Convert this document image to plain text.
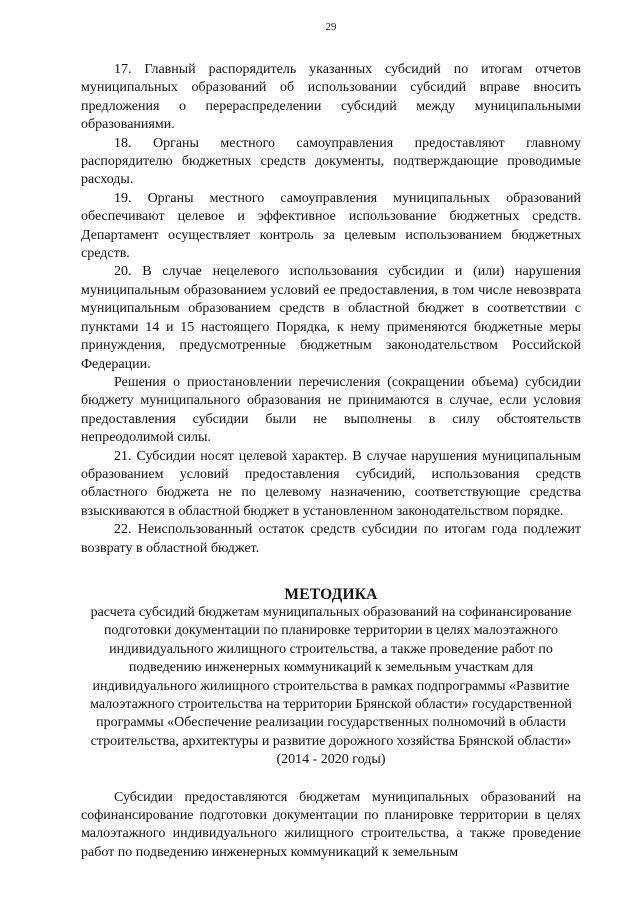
29

17. Главный распорядитель указанных субсидий по итогам отчетов муниципальных образований об использовании субсидий вправе вносить предложения о перераспределении субсидий между муниципальными образованиями.

18. Органы местного самоуправления предоставляют главному распорядителю бюджетных средств документы, подтверждающие проводимые расходы.

19. Органы местного самоуправления муниципальных образований обеспечивают целевое и эффективное использование бюджетных средств. Департамент осуществляет контроль за целевым использованием бюджетных средств.

20. В случае нецелевого использования субсидии и (или) нарушения муниципальным образованием условий ее предоставления, в том числе невозврата муниципальным образованием средств в областной бюджет в соответствии с пунктами 14 и 15 настоящего Порядка, к нему применяются бюджетные меры принуждения, предусмотренные бюджетным законодательством Российской Федерации.

Решения о приостановлении перечисления (сокращении объема) субсидии бюджету муниципального образования не принимаются в случае, если условия предоставления субсидии были не выполнены в силу обстоятельств непреодолимой силы.

21. Субсидии носят целевой характер. В случае нарушения муниципальным образованием условий предоставления субсидий, использования средств областного бюджета не по целевому назначению, соответствующие средства взыскиваются в областной бюджет в установленном законодательством порядке.

22. Неиспользованный остаток средств субсидии по итогам года подлежит возврату в областной бюджет.

МЕТОДИКА

расчета субсидий бюджетам муниципальных образований на софинансирование подготовки документации по планировке территории в целях малоэтажного индивидуального жилищного строительства, а также проведение работ по подведению инженерных коммуникаций к земельным участкам для индивидуального жилищного строительства в рамках подпрограммы «Развитие малоэтажного строительства на территории Брянской области» государственной программы «Обеспечение реализации государственных полномочий в области строительства, архитектуры и развитие дорожного хозяйства Брянской области» (2014 - 2020 годы)

Субсидии предоставляются бюджетам муниципальных образований на софинансирование подготовки документации по планировке территории в целях малоэтажного индивидуального жилищного строительства, а также проведение работ по подведению инженерных коммуникаций к земельным
